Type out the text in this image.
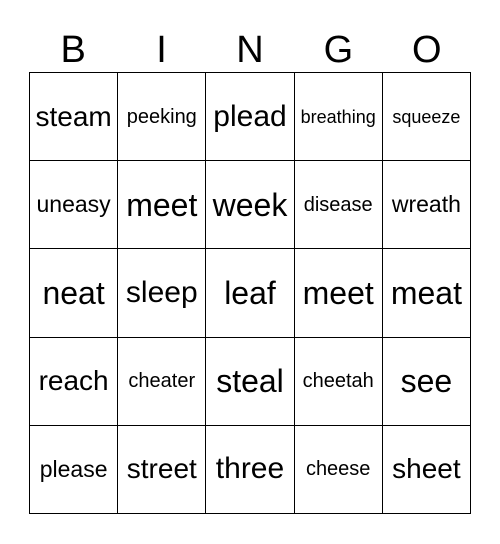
B	I	N	G	O
steam peeking plead breathing squeeze
uneasy meet week disease wreath
neat sleep leaf meet meat
reach cheater steal cheetah see
please street three	cheese sheet
